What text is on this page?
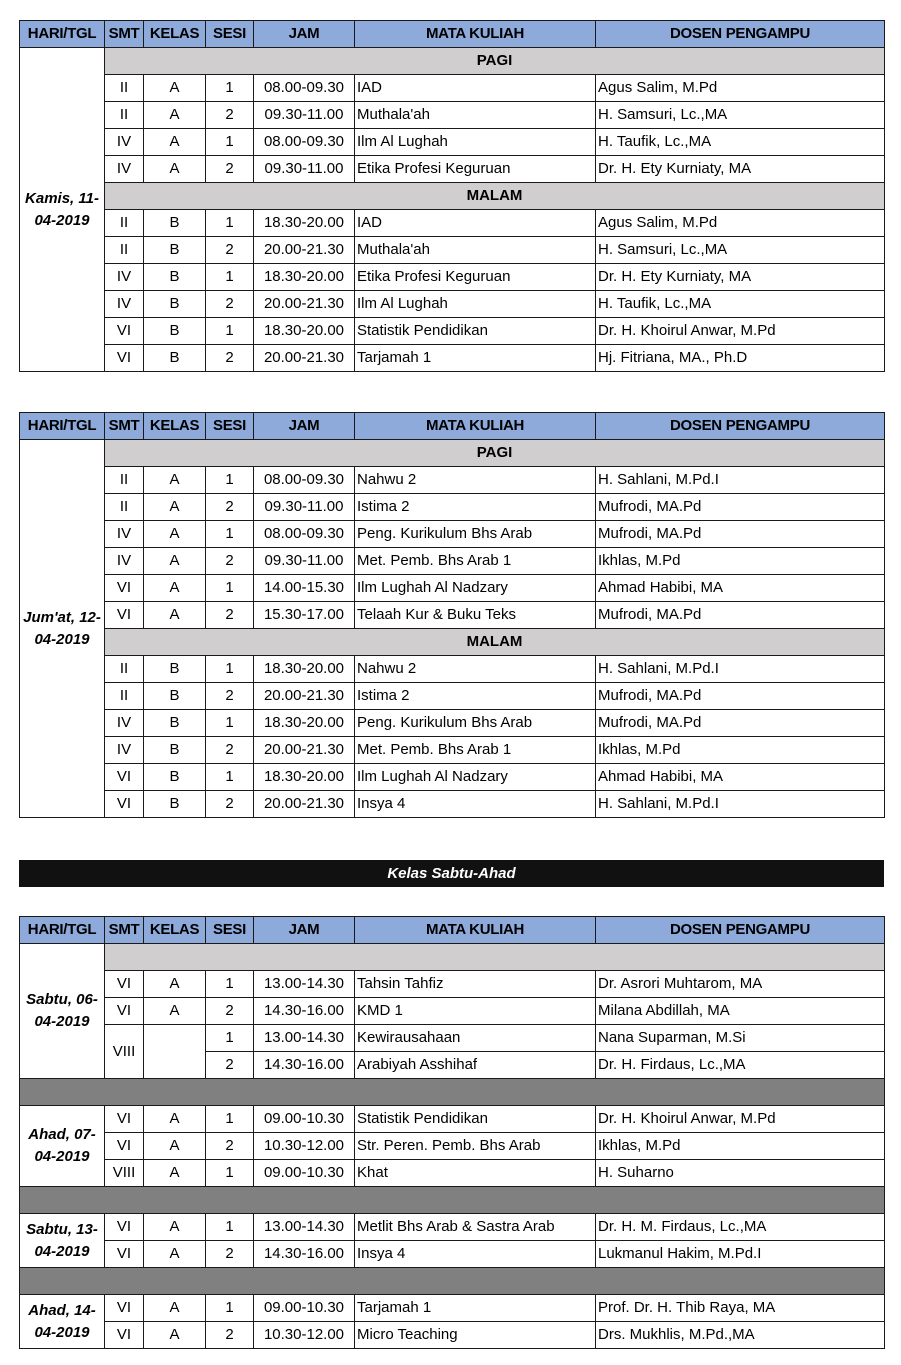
HARI/TGL	SMT	KELAS	SESI	JAM	MATA KULIAH	DOSEN PENGAMPU
Kamis, 11-04-2019	PAGI					
	II	A	1	08.00-09.30	IAD	Agus Salim, M.Pd
	II	A	2	09.30-11.00	Muthala'ah	H. Samsuri, Lc.,MA
	IV	A	1	08.00-09.30	Ilm Al Lughah	H. Taufik, Lc.,MA
	IV	A	2	09.30-11.00	Etika Profesi Keguruan	Dr. H. Ety Kurniaty, MA
	MALAM					
	II	B	1	18.30-20.00	IAD	Agus Salim, M.Pd
	II	B	2	20.00-21.30	Muthala'ah	H. Samsuri, Lc.,MA
	IV	B	1	18.30-20.00	Etika Profesi Keguruan	Dr. H. Ety Kurniaty, MA
	IV	B	2	20.00-21.30	Ilm Al Lughah	H. Taufik, Lc.,MA
	VI	B	1	18.30-20.00	Statistik Pendidikan	Dr. H. Khoirul Anwar, M.Pd
	VI	B	2	20.00-21.30	Tarjamah 1	Hj. Fitriana, MA., Ph.D
HARI/TGL	SMT	KELAS	SESI	JAM	MATA KULIAH	DOSEN PENGAMPU
Jum'at, 12-04-2019	PAGI					
	II	A	1	08.00-09.30	Nahwu 2	H. Sahlani, M.Pd.I
	II	A	2	09.30-11.00	Istima 2	Mufrodi, MA.Pd
	IV	A	1	08.00-09.30	Peng. Kurikulum Bhs Arab	Mufrodi, MA.Pd
	IV	A	2	09.30-11.00	Met. Pemb. Bhs Arab 1	Ikhlas, M.Pd
	VI	A	1	14.00-15.30	Ilm Lughah Al Nadzary	Ahmad Habibi, MA
	VI	A	2	15.30-17.00	Telaah Kur & Buku Teks	Mufrodi, MA.Pd
	MALAM					
	II	B	1	18.30-20.00	Nahwu 2	H. Sahlani, M.Pd.I
	II	B	2	20.00-21.30	Istima 2	Mufrodi, MA.Pd
	IV	B	1	18.30-20.00	Peng. Kurikulum Bhs Arab	Mufrodi, MA.Pd
	IV	B	2	20.00-21.30	Met. Pemb. Bhs Arab 1	Ikhlas, M.Pd
	VI	B	1	18.30-20.00	Ilm Lughah Al Nadzary	Ahmad Habibi, MA
	VI	B	2	20.00-21.30	Insya 4	H. Sahlani, M.Pd.I
Kelas Sabtu-Ahad
HARI/TGL	SMT	KELAS	SESI	JAM	MATA KULIAH	DOSEN PENGAMPU
Sabtu, 06-04-2019						
	VI	A	1	13.00-14.30	Tahsin Tahfiz	Dr. Asrori Muhtarom, MA
	VI	A	2	14.30-16.00	KMD 1	Milana Abdillah, MA
	VIII		1	13.00-14.30	Kewirausahaan	Nana Suparman, M.Si
			2	14.30-16.00	Arabiyah Asshihaf	Dr. H. Firdaus, Lc.,MA

Ahad, 07-04-2019	VI	A	1	09.00-10.30	Statistik Pendidikan	Dr. H. Khoirul Anwar, M.Pd
	VI	A	2	10.30-12.00	Str. Peren. Pemb. Bhs Arab	Ikhlas, M.Pd
	VIII	A	1	09.00-10.30	Khat	H. Suharno

Sabtu, 13-04-2019	VI	A	1	13.00-14.30	Metlit Bhs Arab & Sastra Arab	Dr. H. M. Firdaus, Lc.,MA
	VI	A	2	14.30-16.00	Insya 4	Lukmanul Hakim, M.Pd.I

Ahad, 14-04-2019	VI	A	1	09.00-10.30	Tarjamah 1	Prof. Dr. H. Thib Raya, MA
	VI	A	2	10.30-12.00	Micro Teaching	Drs. Mukhlis, M.Pd.,MA
